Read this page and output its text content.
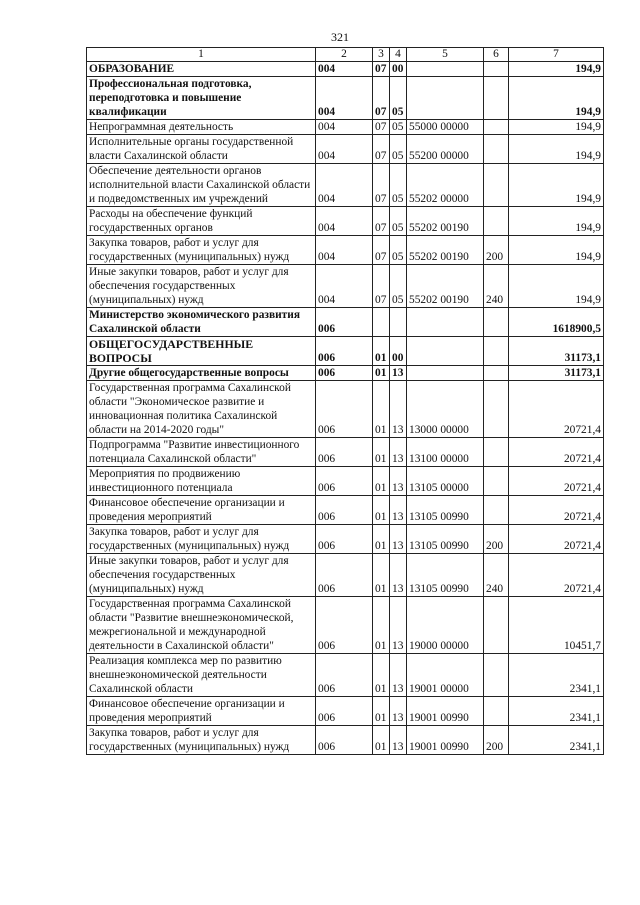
321
1	2	3	4	5	6	7
ОБРАЗОВАНИЕ	004	07	00			194,9
Профессиональная подготовка, переподготовка и повышение квалификации	004	07	05			194,9
Непрограммная деятельность	004	07	05	55000 00000		194,9
Исполнительные органы государственной власти Сахалинской области	004	07	05	55200 00000		194,9
Обеспечение деятельности органов исполнительной власти Сахалинской области и подведомственных им учреждений	004	07	05	55202 00000		194,9
Расходы на обеспечение функций государственных органов	004	07	05	55202 00190		194,9
Закупка товаров, работ и услуг для государственных (муниципальных) нужд	004	07	05	55202 00190	200	194,9
Иные закупки товаров, работ и услуг для обеспечения государственных (муниципальных) нужд	004	07	05	55202 00190	240	194,9
Министерство экономического развития Сахалинской области	006					1618900,5
ОБЩЕГОСУДАРСТВЕННЫЕ ВОПРОСЫ	006	01	00			31173,1
Другие общегосударственные вопросы	006	01	13			31173,1
Государственная программа Сахалинской области "Экономическое развитие и инновационная политика Сахалинской области на 2014-2020 годы"	006	01	13	13000 00000		20721,4
Подпрограмма "Развитие инвестиционного потенциала Сахалинской области"	006	01	13	13100 00000		20721,4
Мероприятия по продвижению инвестиционного потенциала	006	01	13	13105 00000		20721,4
Финансовое обеспечение организации и проведения мероприятий	006	01	13	13105 00990		20721,4
Закупка товаров, работ и услуг для государственных (муниципальных) нужд	006	01	13	13105 00990	200	20721,4
Иные закупки товаров, работ и услуг для обеспечения государственных (муниципальных) нужд	006	01	13	13105 00990	240	20721,4
Государственная программа Сахалинской области "Развитие внешнеэкономической, межрегиональной и международной деятельности в Сахалинской области"	006	01	13	19000 00000		10451,7
Реализация комплекса мер по развитию внешнеэкономической деятельности Сахалинской области	006	01	13	19001 00000		2341,1
Финансовое обеспечение организации и проведения мероприятий	006	01	13	19001 00990		2341,1
Закупка товаров, работ и услуг для государственных (муниципальных) нужд	006	01	13	19001 00990	200	2341,1
